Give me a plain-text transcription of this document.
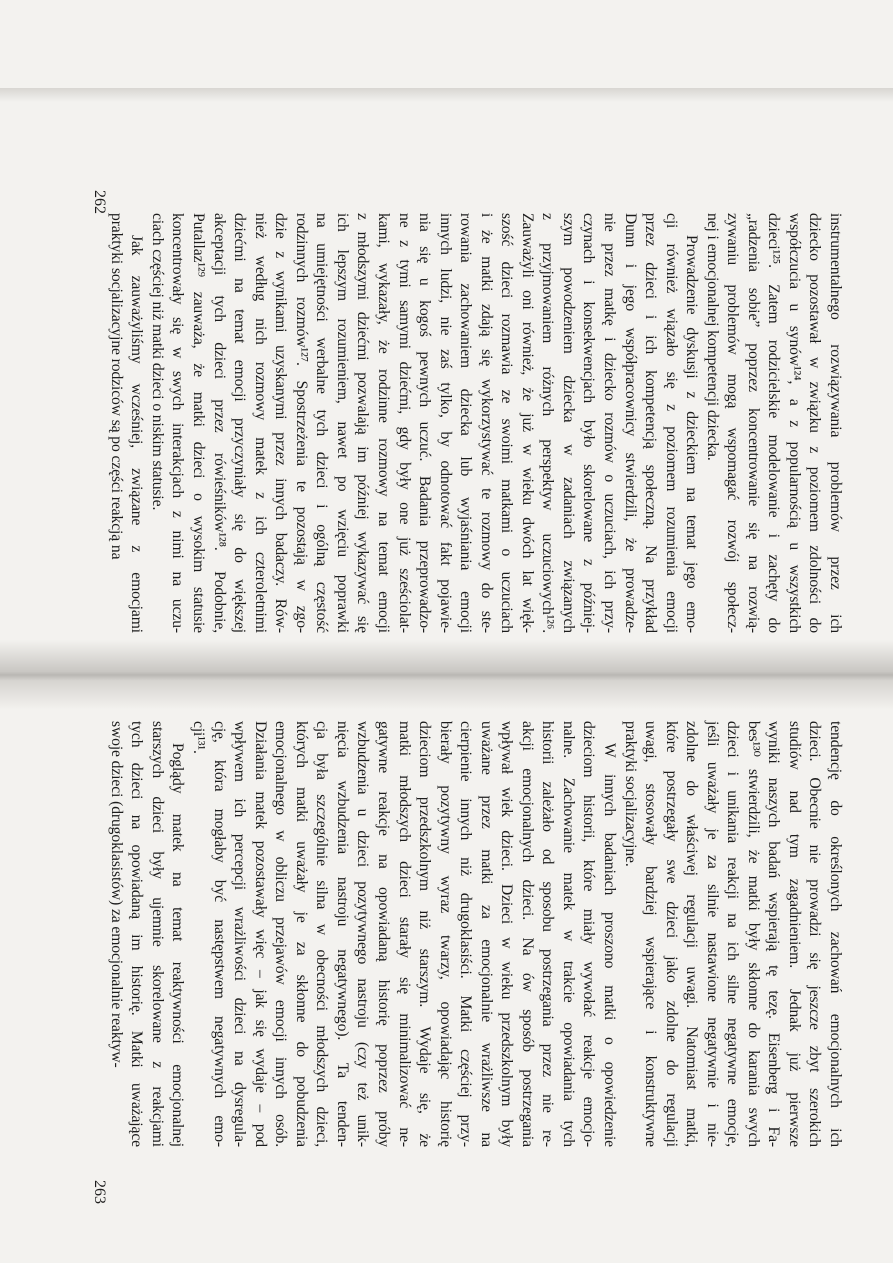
instrumentalnego rozwiązywania problemów przez ich
dziecko pozostawał w związku z poziomem zdolności do
współczucia u synów¹²⁴, a z popularnością u wszystkich
dzieci¹²⁵. Zatem rodzicielskie modelowanie i zachęty do
„radzenia sobie” poprzez koncentrowanie się na rozwią-
zywaniu problemów mogą wspomagać rozwój społecz-
nej i emocjonalnej kompetencji dziecka.
Prowadzenie dyskusji z dzieckiem na temat jego emo-
cji również wiązało się z poziomem rozumienia emocji
przez dzieci i ich kompetencją społeczną. Na przykład
Dunn i jego współpracownicy stwierdzili, że prowadze-
nie przez matkę i dziecko rozmów o uczuciach, ich przy-
czynach i konsekwencjach było skorelowane z później-
szym powodzeniem dziecka w zadaniach związanych
z przyjmowaniem różnych perspektyw uczuciowych¹²⁶.
Zauważyli oni również, że już w wieku dwóch lat więk-
szość dzieci rozmawia ze swoimi matkami o uczuciach
i że matki zdają się wykorzystywać te rozmowy do ste-
rowania zachowaniem dziecka lub wyjaśniania emocji
innych ludzi, nie zaś tylko, by odnotować fakt pojawie-
nia się u kogoś pewnych uczuć. Badania przeprowadzo-
ne z tymi samymi dziećmi, gdy były one już sześciolat-
kami, wykazały, że rodzinne rozmowy na temat emocji
z młodszymi dziećmi pozwalają im później wykazywać się
ich lepszym rozumieniem, nawet po wzięciu poprawki
na umiejętności werbalne tych dzieci i ogólną częstość
rodzinnych rozmów¹²⁷. Spostrzeżenia te pozostają w zgo-
dzie z wynikami uzyskanymi przez innych badaczy. Rów-
nież według nich rozmowy matek z ich czteroletnimi
dziećmi na temat emocji przyczyniały się do większej
akceptacji tych dzieci przez rówieśników¹²⁸. Podobnie,
Putallaz¹²⁹ zauważa, że matki dzieci o wysokim statusie
koncentrowały się w swych interakcjach z nimi na uczu-
ciach częściej niż matki dzieci o niskim statusie.
Jak zauważyliśmy wcześniej, związane z emocjami
praktyki socjalizacyjne rodziców są po części reakcją na
262
tendencję do określonych zachowań emocjonalnych ich
dzieci. Obecnie nie prowadzi się jeszcze zbyt szerokich
studiów nad tym zagadnieniem. Jednak już pierwsze
wyniki naszych badań wspierają tę tezę. Eisenberg i Fa-
bes¹³⁰ stwierdzili, że matki były skłonne do karania swych
dzieci i unikania reakcji na ich silne negatywne emocje,
jeśli uważały je za silnie nastawione negatywnie i nie-
zdolne do właściwej regulacji uwagi. Natomiast matki,
które postrzegały swe dzieci jako zdolne do regulacji
uwagi, stosowały bardziej wspierające i konstruktywne
praktyki socjalizacyjne.
W innych badaniach proszono matki o opowiedzenie
dzieciom historii, które miały wywołać reakcje emocjo-
nalne. Zachowanie matek w trakcie opowiadania tych
historii zależało od sposobu postrzegania przez nie re-
akcji emocjonalnych dzieci. Na ów sposób postrzegania
wpływał wiek dzieci. Dzieci w wieku przedszkolnym były
uważane przez matki za emocjonalnie wrażliwsze na
cierpienie innych niż drugoklasiści. Matki częściej przy-
bierały pozytywny wyraz twarzy, opowiadając historię
dzieciom przedszkolnym niż starszym. Wydaje się, że
matki młodszych dzieci starały się minimalizować ne-
gatywne reakcje na opowiadaną historię poprzez próby
wzbudzenia u dzieci pozytywnego nastroju (czy też unik-
nięcia wzbudzenia nastroju negatywnego). Ta tenden-
cja była szczególnie silna w obecności młodszych dzieci,
których matki uważały je za skłonne do pobudzenia
emocjonalnego w obliczu przejawów emocji innych osób.
Działania matek pozostawały więc – jak się wydaje – pod
wpływem ich percepcji wrażliwości dzieci na dysregula-
cję, która mogłaby być następstwem negatywnych emo-
cji¹³¹.
Poglądy matek na temat reaktywności emocjonalnej
starszych dzieci były ujemnie skorelowane z reakcjami
tych dzieci na opowiadaną im historię. Matki uważające
swoje dzieci (drugoklasistów) za emocjonalnie reaktyw-
263
